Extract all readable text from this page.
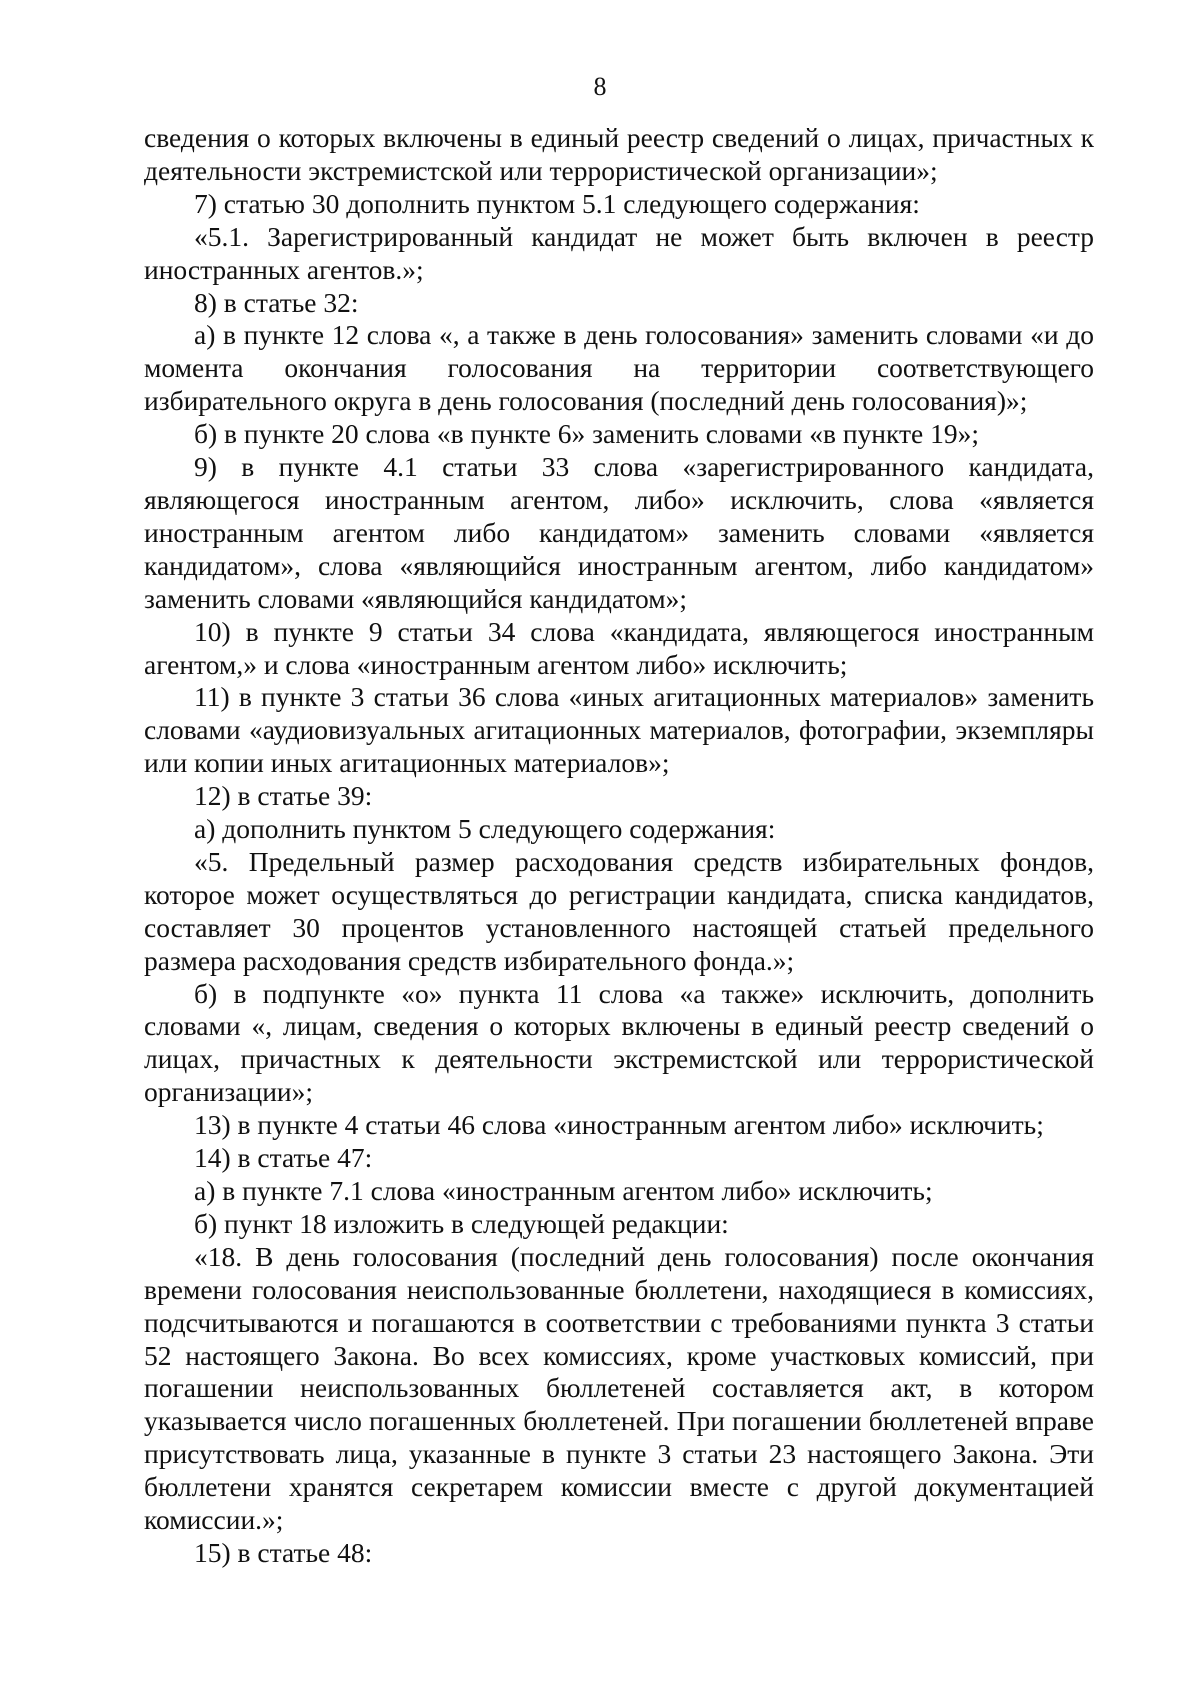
8

сведения о которых включены в единый реестр сведений о лицах, причастных к деятельности экстремистской или террористической организации»;

7) статью 30 дополнить пунктом 5.1 следующего содержания:

«5.1. Зарегистрированный кандидат не может быть включен в реестр иностранных агентов.»;

8) в статье 32:

а) в пункте 12 слова «, а также в день голосования» заменить словами «и до момента окончания голосования на территории соответствующего избирательного округа в день голосования (последний день голосования)»;

б) в пункте 20 слова «в пункте 6» заменить словами «в пункте 19»;

9) в пункте 4.1 статьи 33 слова «зарегистрированного кандидата, являющегося иностранным агентом, либо» исключить, слова «является иностранным агентом либо кандидатом» заменить словами «является кандидатом», слова «являющийся иностранным агентом, либо кандидатом» заменить словами «являющийся кандидатом»;

10) в пункте 9 статьи 34 слова «кандидата, являющегося иностранным агентом,» и слова «иностранным агентом либо» исключить;

11) в пункте 3 статьи 36 слова «иных агитационных материалов» заменить словами «аудиовизуальных агитационных материалов, фотографии, экземпляры или копии иных агитационных материалов»;

12) в статье 39:

а) дополнить пунктом 5 следующего содержания:

«5. Предельный размер расходования средств избирательных фондов, которое может осуществляться до регистрации кандидата, списка кандидатов, составляет 30 процентов установленного настоящей статьей предельного размера расходования средств избирательного фонда.»;

б) в подпункте «о» пункта 11 слова «а также» исключить, дополнить словами «, лицам, сведения о которых включены в единый реестр сведений о лицах, причастных к деятельности экстремистской или террористической организации»;

13) в пункте 4 статьи 46 слова «иностранным агентом либо» исключить;

14) в статье 47:

а) в пункте 7.1 слова «иностранным агентом либо» исключить;

б) пункт 18 изложить в следующей редакции:

«18. В день голосования (последний день голосования) после окончания времени голосования неиспользованные бюллетени, находящиеся в комиссиях, подсчитываются и погашаются в соответствии с требованиями пункта 3 статьи 52 настоящего Закона. Во всех комиссиях, кроме участковых комиссий, при погашении неиспользованных бюллетеней составляется акт, в котором указывается число погашенных бюллетеней. При погашении бюллетеней вправе присутствовать лица, указанные в пункте 3 статьи 23 настоящего Закона. Эти бюллетени хранятся секретарем комиссии вместе с другой документацией комиссии.»;

15) в статье 48:
